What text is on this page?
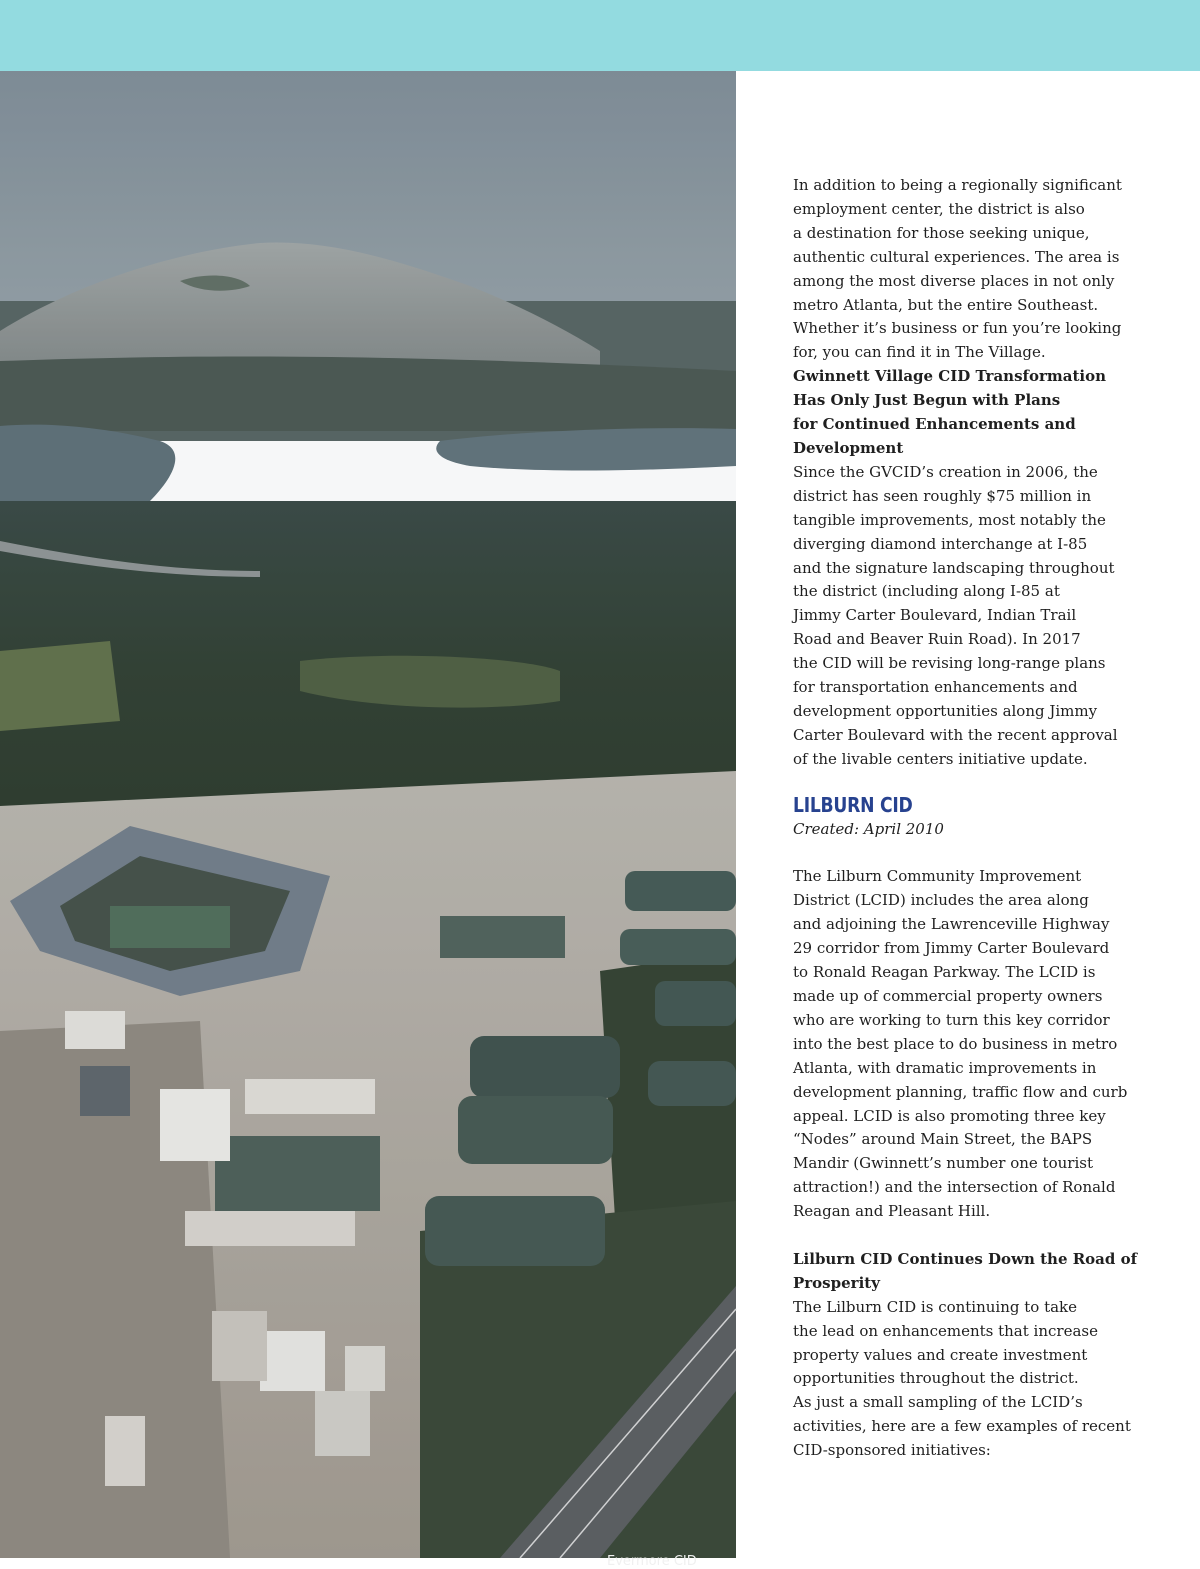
Evermore CID

In addition to being a regionally significant
employment center, the district is also
a destination for those seeking unique,
authentic cultural experiences. The area is
among the most diverse places in not only
metro Atlanta, but the entire Southeast.
Whether it’s business or fun you’re looking
for, you can find it in The Village.

Gwinnett Village CID Transformation
Has Only Just Begun with Plans
for Continued Enhancements and
Development

Since the GVCID’s creation in 2006, the
district has seen roughly $75 million in
tangible improvements, most notably the
diverging diamond interchange at I-85
and the signature landscaping throughout
the district (including along I-85 at
Jimmy Carter Boulevard, Indian Trail
Road and Beaver Ruin Road). In 2017
the CID will be revising long-range plans
for transportation enhancements and
development opportunities along Jimmy
Carter Boulevard with the recent approval
of the livable centers initiative update.

LILBURN CID
Created: April 2010

The Lilburn Community Improvement
District (LCID) includes the area along
and adjoining the Lawrenceville Highway
29 corridor from Jimmy Carter Boulevard
to Ronald Reagan Parkway. The LCID is
made up of commercial property owners
who are working to turn this key corridor
into the best place to do business in metro
Atlanta, with dramatic improvements in
development planning, traffic flow and curb
appeal. LCID is also promoting three key
“Nodes” around Main Street, the BAPS
Mandir (Gwinnett’s number one tourist
attraction!) and the intersection of Ronald
Reagan and Pleasant Hill.

Lilburn CID Continues Down the Road of
Prosperity

The Lilburn CID is continuing to take
the lead on enhancements that increase
property values and create investment
opportunities throughout the district.
As just a small sampling of the LCID’s
activities, here are a few examples of recent
CID-sponsored initiatives:
